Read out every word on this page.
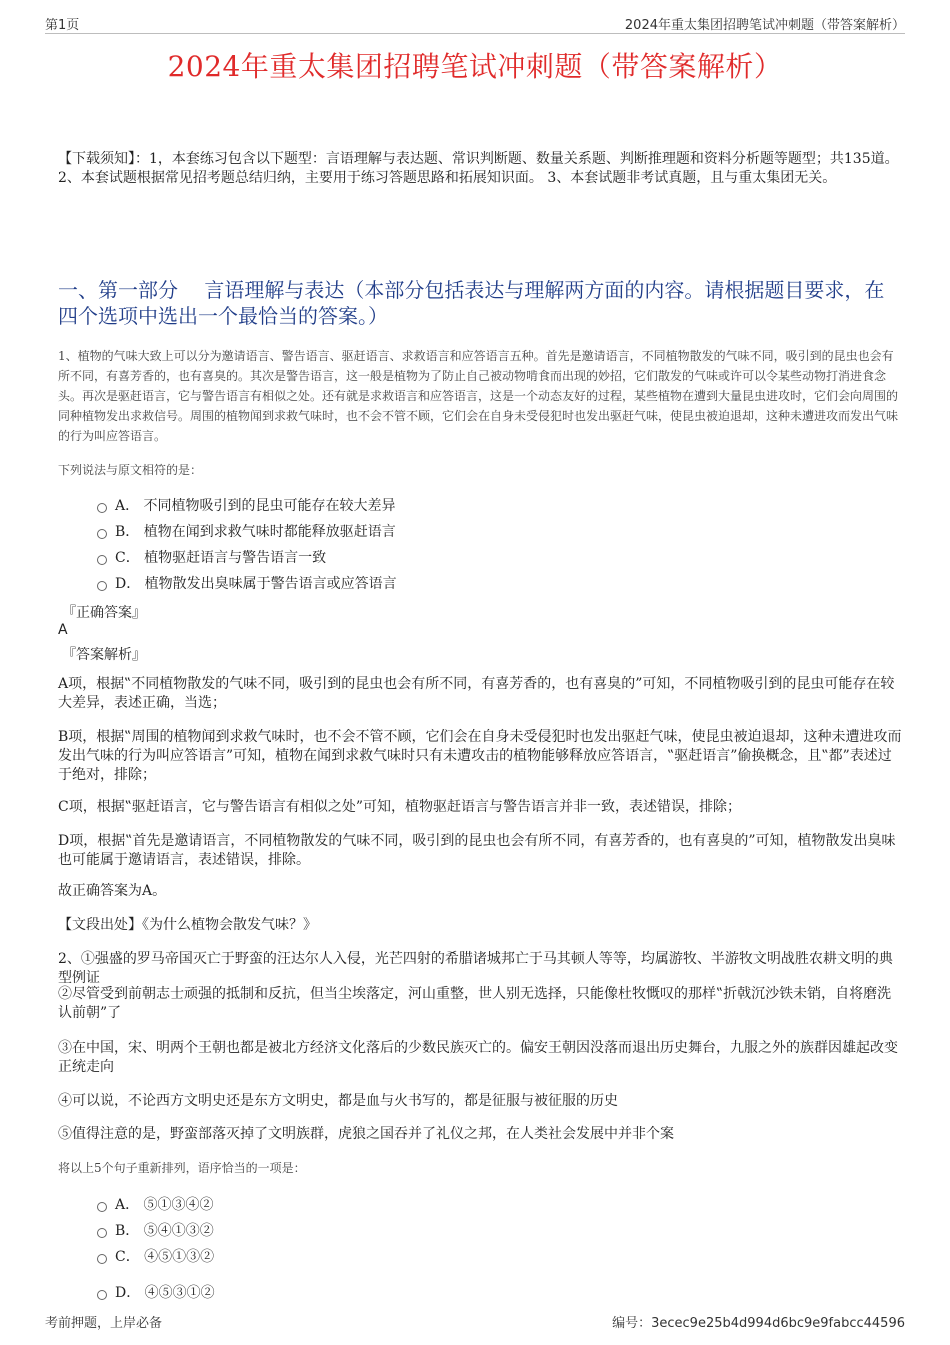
第1页	2024年重太集团招聘笔试冲刺题（带答案解析）
2024年重太集团招聘笔试冲刺题（带答案解析）
【下载须知】：1，本套练习包含以下题型：言语理解与表达题、常识判断题、数量关系题、判断推理题和资料分析题等题型；共135道。 2、本套试题根据常见招考题总结归纳，主要用于练习答题思路和拓展知识面。 3、本套试题非考试真题，且与重太集团无关。
一、第一部分　 言语理解与表达（本部分包括表达与理解两方面的内容。请根据题目要求，在四个选项中选出一个最恰当的答案。）
1、植物的气味大致上可以分为邀请语言、警告语言、驱赶语言、求救语言和应答语言五种。首先是邀请语言，不同植物散发的气味不同，吸引到的昆虫也会有所不同，有喜芳香的，也有喜臭的。其次是警告语言，这一般是植物为了防止自己被动物啃食而出现的妙招，它们散发的气味或许可以令某些动物打消进食念头。再次是驱赶语言，它与警告语言有相似之处。还有就是求救语言和应答语言，这是一个动态友好的过程，某些植物在遭到大量昆虫进攻时，它们会向周围的同种植物发出求救信号。周围的植物闻到求救气味时，也不会不管不顾，它们会在自身未受侵犯时也发出驱赶气味，使昆虫被迫退却，这种未遭进攻而发出气味的行为叫应答语言。
下列说法与原文相符的是：
A． 不同植物吸引到的昆虫可能存在较大差异
B． 植物在闻到求救气味时都能释放驱赶语言
C． 植物驱赶语言与警告语言一致
D． 植物散发出臭味属于警告语言或应答语言
『正确答案』
A
『答案解析』
A项，根据‟不同植物散发的气味不同，吸引到的昆虫也会有所不同，有喜芳香的，也有喜臭的”可知，不同植物吸引到的昆虫可能存在较大差异，表述正确，当选；
B项，根据‟周围的植物闻到求救气味时，也不会不管不顾，它们会在自身未受侵犯时也发出驱赶气味，使昆虫被迫退却，这种未遭进攻而发出气味的行为叫应答语言”可知，植物在闻到求救气味时只有未遭攻击的植物能够释放应答语言，‟驱赶语言”偷换概念，且‟都”表述过于绝对，排除；
C项，根据‟驱赶语言，它与警告语言有相似之处”可知，植物驱赶语言与警告语言并非一致，表述错误，排除；
D项，根据‟首先是邀请语言，不同植物散发的气味不同，吸引到的昆虫也会有所不同，有喜芳香的，也有喜臭的”可知，植物散发出臭味也可能属于邀请语言，表述错误，排除。
故正确答案为A。
【文段出处】《为什么植物会散发气味？》
2、①强盛的罗马帝国灭亡于野蛮的汪达尔人入侵，光芒四射的希腊诸城邦亡于马其顿人等等，均属游牧、半游牧文明战胜农耕文明的典型例证
②尽管受到前朝志士顽强的抵制和反抗，但当尘埃落定，河山重整，世人别无选择，只能像杜牧慨叹的那样‟折戟沉沙铁未销，自将磨洗认前朝”了
③在中国，宋、明两个王朝也都是被北方经济文化落后的少数民族灭亡的。偏安王朝因没落而退出历史舞台，九服之外的族群因雄起改变正统走向
④可以说，不论西方文明史还是东方文明史，都是血与火书写的，都是征服与被征服的历史
⑤值得注意的是，野蛮部落灭掉了文明族群，虎狼之国吞并了礼仪之邦，在人类社会发展中并非个案
将以上5个句子重新排列，语序恰当的一项是：
A． ⑤①③④②
B． ⑤④①③②
C． ④⑤①③②
D． ④⑤③①②
考前押题，上岸必备	编号：3ecec9e25b4d994d6bc9e9fabcc44596
